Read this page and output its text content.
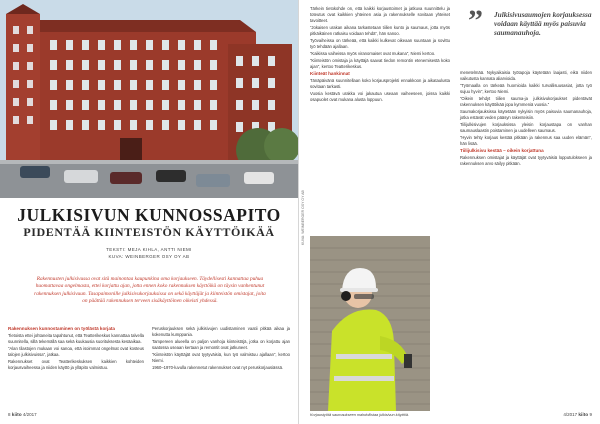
JULKISIVUN KUNNOSSAPITO
PIDENTÄÄ KIINTEISTÖN KÄYTTÖIKÄÄ
TEKSTI: MEJA KIHLA, ANTTI NIEMI
KUVA: WEINBERGER OSY OY AB
Rakennusten julkisivussa ovat sitä mainontaa kaupunkina oma korjaukseen. Täydellisesti kannattaa puhua huomattavaa ongelmasta, ettei korjattu ajan, jotta ennen koko rakennuksen käyttöikä on täysin vanhentunut rakennuksen julkisivuun. Tasapaimonille julkisivukorjauksissa on sekä käyttäjät ja kiinteistön omistajat, joita on päättää rakennuksen terveen sisäkäyttöinen oikeisti yhdessä.
Rakennuksen kunnostaminen on työlästä korjata

Tietoista ettei johtaneita tapahtunut, että Teatterikeskus kannattaa talvella suunnitella, sillä tekemällä saa sekä kuukausia suorituksesta kesäaikaa.

”Alan tilastojen mukaan voi sanoa, että isoimmat ongelmat ovat kosteus talojen julkisivuissa”, jatkaa.

Rakennukset ovat Teatterikeskuksen kaikkien kohteiden korjausvaiheessa ja niiden käyttö ja ylläpito valmistuu.

Peruskorjauksen sekä julkisivujen uudistaminen vaatii pitkää aikaa ja kokenutta kumppania.

Tampereen alueella on paljon vanhoja kiinteistöjä, jotka on korjattu ajan saatossa useaan kertaan ja remontit ovat jatkuneet.

”Kiinteistön käyttäjät ovat tyytyväisiä, kun työ valmistuu ajallaan”, kertoo Niemi.

1960–1970-luvulla rakennetut rakennukset ovat nyt peruskorjausiässä.

8 kiito 4/2017

Tärkein tietokohde on, että kaikki korjaustoimet ja jatkuva suunnittelu ja toteutus ovat kaikkien yhteinen asia ja rakennukselle sovitaan yhteiset tavoitteet.

”Jokaisen urakan aikana tarkastetaan tiilien kunto ja saumaus, jotta myös pitkäikäinen ratkaisu voidaan tehdä”, hän sanoo.

Työvaiheissa on tärkeää, että kaikki kulkevat oikeaan suuntaan ja sovittu työ tehdään ajallaan.

”Kaikissa vaiheissa myös viranomaiset ovat mukana”, Niemi kertoo.

”Kiinteistön omistaja ja käyttäjä saavat tiedon remontin etenemisestä koko ajan”, kertoo Teatterikeskus.

Kiinteät hankinnat

Tänäpäivänä suunnitellaan koko korjausprojekti ennakkoon ja aikataulusta sovitaan tarkasti.

Vuosia kestävä urakka voi jakautua useaan vaiheeseen, joissa kaikki osapuolet ovat mukana alusta loppuun.

” Julkisivusaumojen korjauksessa voidaan käyttää myös paisuvia saumanauhoja.

menetelmää. Nykyaikaisia työtapoja käytetään laajasti, eikä niiden vaikutusta kannata aliarvioida.

”Työmaalla on tärkeää huomioida kaikki turvallisuusasiat, jotta työ sujuu hyvin”, kertoo Niemi.

”Oikein tehdyt tiilien sauma-ja julkisivukorjaukset pidentävät rakennuksen käyttöikää jopa kymmeniä vuosia.”

Saumakorjauksissa käytetään nykyisin myös paisuvia saumanauhoja, jotka estävät veden pääsyn rakenteisiin.

Tiilijulkisivujen korjauksissa yleisin korjaustapa on vanhan saumauslaastin poistaminen ja uudelleen saumaus.

”Hyvin tehty korjaus kestää pitkään ja rakennus saa uuden elämän”, hän lisää.

Tiilijulkisivu kestää – oikein korjattuna

Rakennuksen omistajat ja käyttäjät ovat tyytyväisiä lopputulokseen ja rakennuksen arvo säilyy pitkään.

Korjaustyötä saumaukseen mahdollistaa julkisivun käyttöä.
KUVA: WEINBERGER OSY OY AB
4/2017 kiito 9
